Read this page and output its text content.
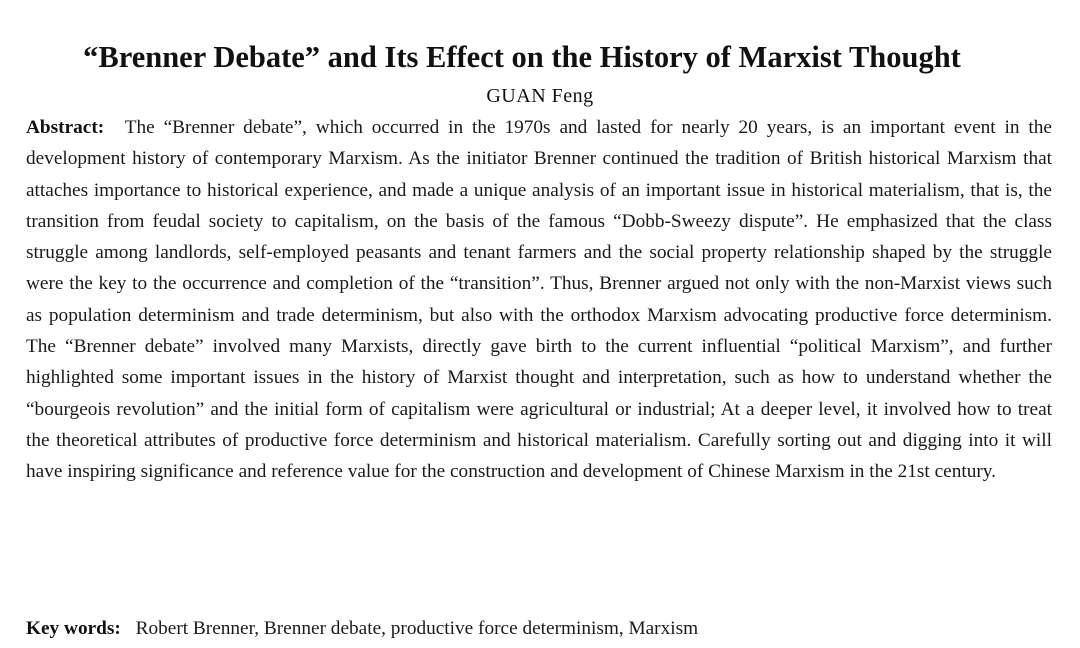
“Brenner Debate” and Its Effect on the History of Marxist Thought
GUAN Feng
Abstract: The “Brenner debate”, which occurred in the 1970s and lasted for nearly 20 years, is an important event in the development history of contemporary Marxism. As the initiator Brenner continued the tradition of British historical Marxism that attaches importance to historical experience, and made a unique analysis of an important issue in historical materialism, that is, the transition from feudal society to capitalism, on the basis of the famous “Dobb-Sweezy dispute”. He emphasized that the class struggle among landlords, self-employed peasants and tenant farmers and the social property relationship shaped by the struggle were the key to the occurrence and completion of the “transition”. Thus, Brenner argued not only with the non-Marxist views such as population determinism and trade determinism, but also with the orthodox Marxism advocating productive force determinism. The “Brenner debate” involved many Marxists, directly gave birth to the current influential “political Marxism”, and further highlighted some important issues in the history of Marxist thought and interpretation, such as how to understand whether the “bourgeois revolution” and the initial form of capitalism were agricultural or industrial; At a deeper level, it involved how to treat the theoretical attributes of productive force determinism and historical materialism. Carefully sorting out and digging into it will have inspiring significance and reference value for the construction and development of Chinese Marxism in the 21st century.
Key words: Robert Brenner, Brenner debate, productive force determinism, Marxism
